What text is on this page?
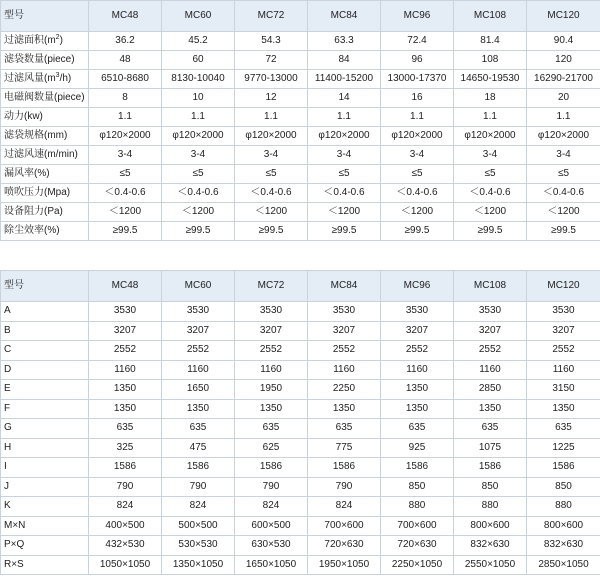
型号	MC48	MC60	MC72	MC84	MC96	MC108	MC120
过滤面积$(m^2)$	36.2	45.2	54.3	63.3	72.4	81.4	90.4
滤袋数量(piece)	48	60	72	84	96	108	120
过滤风量$(m^3/h)$	6510-8680	8130-10040	9770-13000	11400-15200	13000-17370	14650-19530	16290-21700
电磁阀数量(piece)	8	10	12	14	16	18	20
动力(kw)	1.1	1.1	1.1	1.1	1.1	1.1	1.1
滤袋规格(mm)	φ120×2000	φ120×2000	φ120×2000	φ120×2000	φ120×2000	φ120×2000	φ120×2000
过滤风速(m/min)	3-4	3-4	3-4	3-4	3-4	3-4	3-4
漏风率(%)	≤5	≤5	≤5	≤5	≤5	≤5	≤5
喷吹压力(Mpa)	＜0.4-0.6	＜0.4-0.6	＜0.4-0.6	＜0.4-0.6	＜0.4-0.6	＜0.4-0.6	＜0.4-0.6
设备阻力(Pa)	＜1200	＜1200	＜1200	＜1200	＜1200	＜1200	＜1200
除尘效率(%)	≥99.5	≥99.5	≥99.5	≥99.5	≥99.5	≥99.5	≥99.5
型号	MC48	MC60	MC72	MC84	MC96	MC108	MC120
A	3530	3530	3530	3530	3530	3530	3530
B	3207	3207	3207	3207	3207	3207	3207
C	2552	2552	2552	2552	2552	2552	2552
D	1160	1160	1160	1160	1160	1160	1160
E	1350	1650	1950	2250	1350	2850	3150
F	1350	1350	1350	1350	1350	1350	1350
G	635	635	635	635	635	635	635
H	325	475	625	775	925	1075	1225
I	1586	1586	1586	1586	1586	1586	1586
J	790	790	790	790	850	850	850
K	824	824	824	824	880	880	880
M×N	400×500	500×500	600×500	700×600	700×600	800×600	800×600
P×Q	432×530	530×530	630×530	720×630	720×630	832×630	832×630
R×S	1050×1050	1350×1050	1650×1050	1950×1050	2250×1050	2550×1050	2850×1050
